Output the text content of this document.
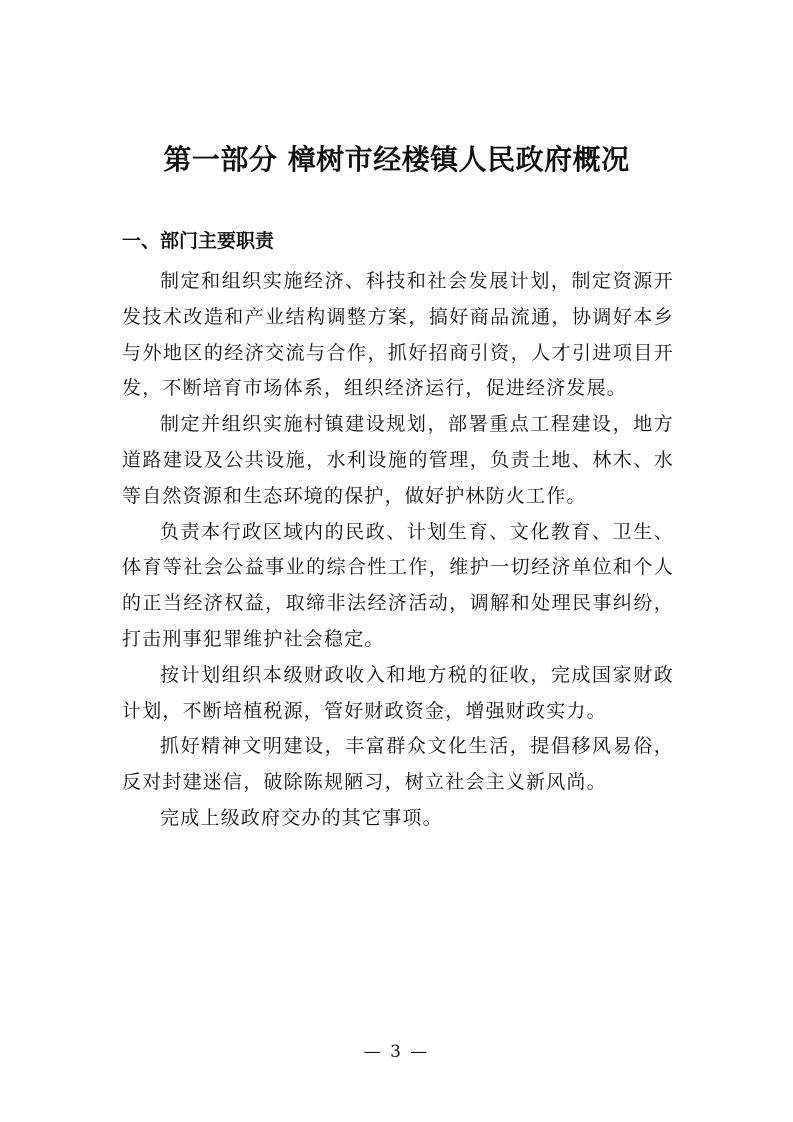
第一部分 樟树市经楼镇人民政府概况
一、部门主要职责

制定和组织实施经济、科技和社会发展计划，制定资源开发技术改造和产业结构调整方案，搞好商品流通，协调好本乡与外地区的经济交流与合作，抓好招商引资，人才引进项目开发，不断培育市场体系，组织经济运行，促进经济发展。

制定并组织实施村镇建设规划，部署重点工程建设，地方道路建设及公共设施，水利设施的管理，负责土地、林木、水等自然资源和生态环境的保护，做好护林防火工作。

负责本行政区域内的民政、计划生育、文化教育、卫生、体育等社会公益事业的综合性工作，维护一切经济单位和个人的正当经济权益，取缔非法经济活动，调解和处理民事纠纷，打击刑事犯罪维护社会稳定。

按计划组织本级财政收入和地方税的征收，完成国家财政计划，不断培植税源，管好财政资金，增强财政实力。

抓好精神文明建设，丰富群众文化生活，提倡移风易俗，反对封建迷信，破除陈规陋习，树立社会主义新风尚。

完成上级政府交办的其它事项。

— 3 —
